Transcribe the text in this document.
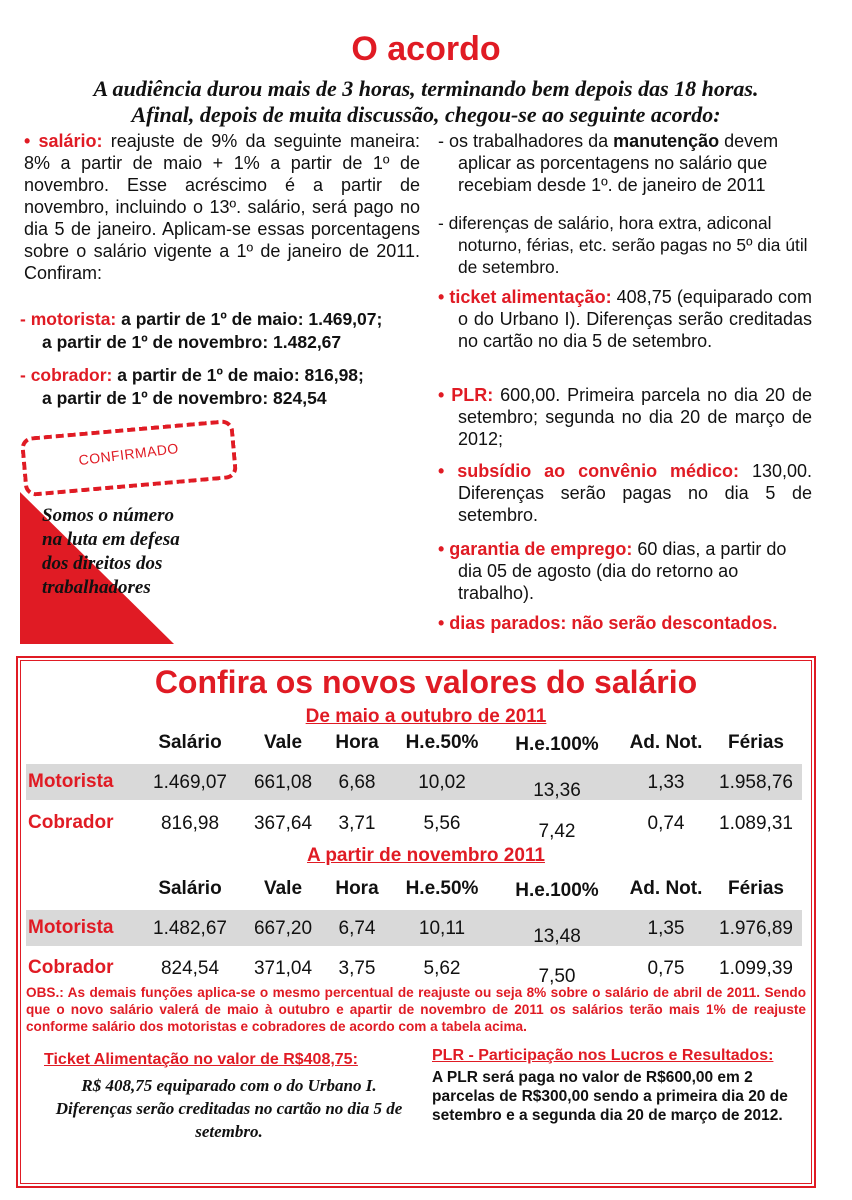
O acordo
A audiência durou mais de 3 horas, terminando bem depois das 18 horas.
Afinal, depois de muita discussão, chegou-se ao seguinte acordo:
• salário: reajuste de 9% da seguinte maneira: 8% a partir de maio + 1% a partir de 1º de novembro. Esse acréscimo é a partir de novembro, incluindo o 13º. salário, será pago no dia 5 de janeiro. Aplicam-se essas porcentagens sobre o salário vigente a 1º de janeiro de 2011. Confiram:
- motorista: a partir de 1º de maio: 1.469,07;
a partir de 1º de novembro: 1.482,67
- cobrador: a partir de 1º de maio: 816,98;
a partir de 1º de novembro: 824,54
CONFIRMADO
Somos o número
na luta em defesa
dos direitos dos
trabalhadores
- os trabalhadores da manutenção devem aplicar as porcentagens no salário que recebiam desde 1º. de janeiro de 2011
- diferenças de salário, hora extra, adiconal noturno, férias, etc. serão pagas no 5º dia útil de setembro.
• ticket alimentação: 408,75 (equiparado com o do Urbano I). Diferenças serão creditadas no cartão no dia 5 de setembro.
• PLR: 600,00. Primeira parcela no dia 20 de setembro; segunda no dia 20 de março de 2012;
• subsídio ao convênio médico: 130,00. Diferenças serão pagas no dia 5 de setembro.
• garantia de emprego: 60 dias, a partir do dia 05 de agosto (dia do retorno ao trabalho).
• dias parados: não serão descontados.
Confira os novos valores do salário
De maio a outubro de 2011
Salário	Vale	Hora	H.e.50%	H.e.100%	Ad. Not.	Férias
Motorista	1.469,07	661,08	6,68	10,02	13,36	1,33	1.958,76
Cobrador	816,98	367,64	3,71	5,56	7,42	0,74	1.089,31
A partir de novembro 2011
Salário	Vale	Hora	H.e.50%	H.e.100%	Ad. Not.	Férias
Motorista	1.482,67	667,20	6,74	10,11	13,48	1,35	1.976,89
Cobrador	824,54	371,04	3,75	5,62	7,50	0,75	1.099,39
OBS.: As demais funções aplica-se o mesmo percentual de reajuste ou seja 8% sobre o salário de abril de 2011. Sendo que o novo salário valerá de maio à outubro e apartir de novembro de 2011 os salários terão mais 1% de reajuste conforme salário dos motoristas e cobradores de acordo com a tabela acima.
Ticket Alimentação no valor de R$408,75:
R$ 408,75 equiparado com o do Urbano I. Diferenças serão creditadas no cartão no dia 5 de setembro.
PLR - Participação nos Lucros e Resultados:
A PLR será paga no valor de R$600,00 em 2 parcelas de R$300,00 sendo a primeira dia 20 de setembro e a segunda dia 20 de março de 2012.
